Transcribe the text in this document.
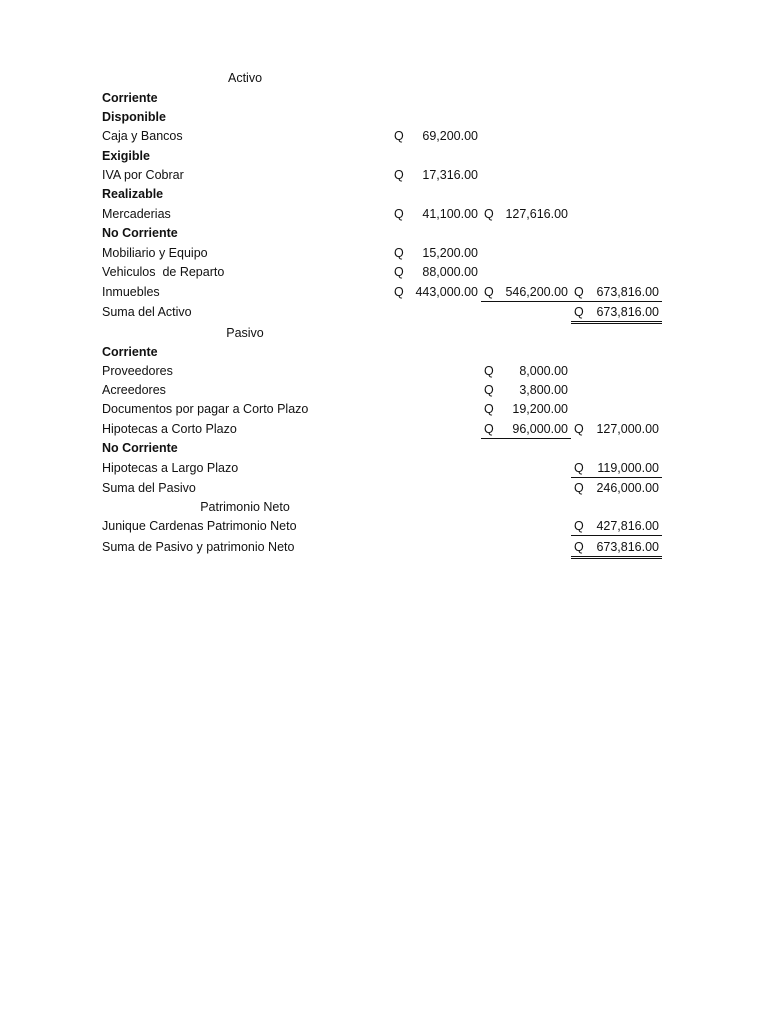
Activo
Corriente
Disponible
Caja y Bancos	Q 69,200.00
Exigible
IVA por Cobrar	Q 17,316.00
Realizable
Mercaderias	Q 41,100.00 Q 127,616.00
No Corriente
Mobiliario y Equipo	Q 15,200.00
Vehiculos  de Reparto	Q 88,000.00
Inmuebles	Q 443,000.00 Q 546,200.00 Q 673,816.00
Suma del Activo	Q 673,816.00
Pasivo
Corriente
Proveedores	Q 8,000.00
Acreedores	Q 3,800.00
Documentos por pagar a Corto Plazo	Q 19,200.00
Hipotecas a Corto Plazo	Q 96,000.00 Q 127,000.00
No Corriente
Hipotecas a Largo Plazo	Q 119,000.00
Suma del Pasivo	Q 246,000.00
Patrimonio Neto
Junique Cardenas Patrimonio Neto	Q 427,816.00
Suma de Pasivo y patrimonio Neto	Q 673,816.00
